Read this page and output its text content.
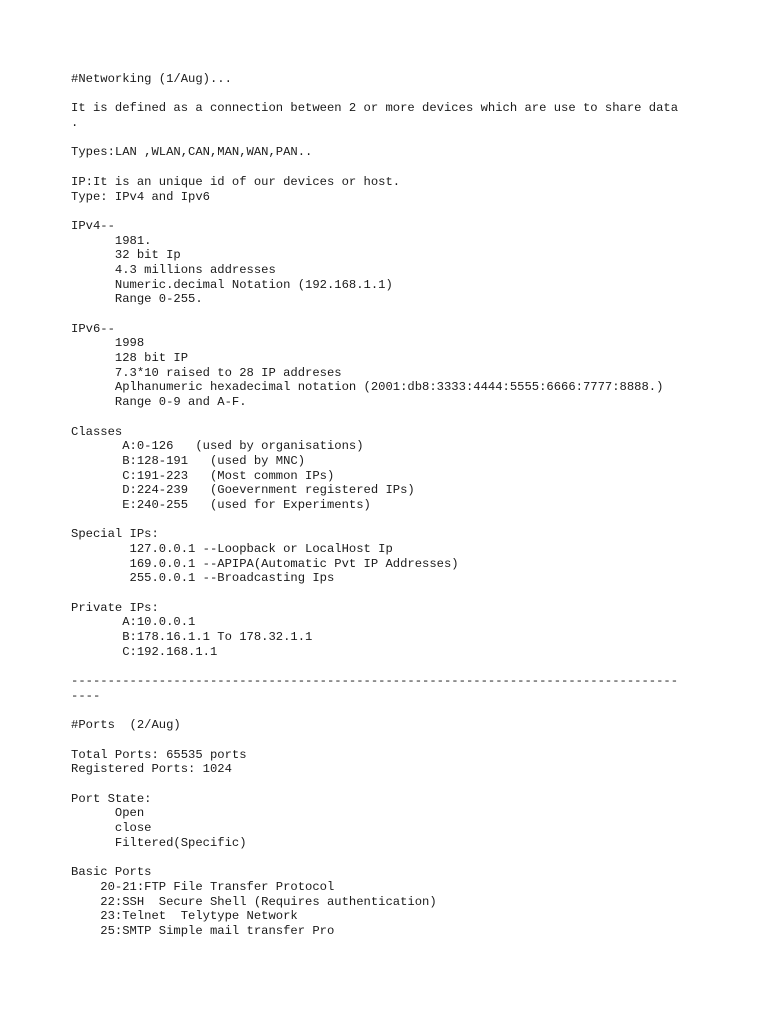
#Networking (1/Aug)...
It is defined as a connection between 2 or more devices which are use to share data
.
Types:LAN ,WLAN,CAN,MAN,WAN,PAN..
IP:It is an unique id of our devices or host.
Type: IPv4 and Ipv6
IPv4--
1981.
32 bit Ip
4.3 millions addresses
Numeric.decimal Notation (192.168.1.1)
Range 0-255.
IPv6--
1998
128 bit IP
7.3*10 raised to 28 IP addreses
Aplhanumeric hexadecimal notation (2001:db8:3333:4444:5555:6666:7777:8888.)
Range 0-9 and A-F.
Classes
A:0-126   (used by organisations)
B:128-191   (used by MNC)
C:191-223   (Most common IPs)
D:224-239   (Goevernment registered IPs)
E:240-255   (used for Experiments)
Special IPs:
127.0.0.1 --Loopback or LocalHost Ip
169.0.0.1 --APIPA(Automatic Pvt IP Addresses)
255.0.0.1 --Broadcasting Ips
Private IPs:
A:10.0.0.1
B:178.16.1.1 To 178.32.1.1
C:192.168.1.1
-----------------------------------------------------------------------------------
----
#Ports  (2/Aug)
Total Ports: 65535 ports
Registered Ports: 1024
Port State:
Open
close
Filtered(Specific)
Basic Ports
20-21:FTP File Transfer Protocol
22:SSH  Secure Shell (Requires authentication)
23:Telnet  Telytype Network
25:SMTP Simple mail transfer Pro
